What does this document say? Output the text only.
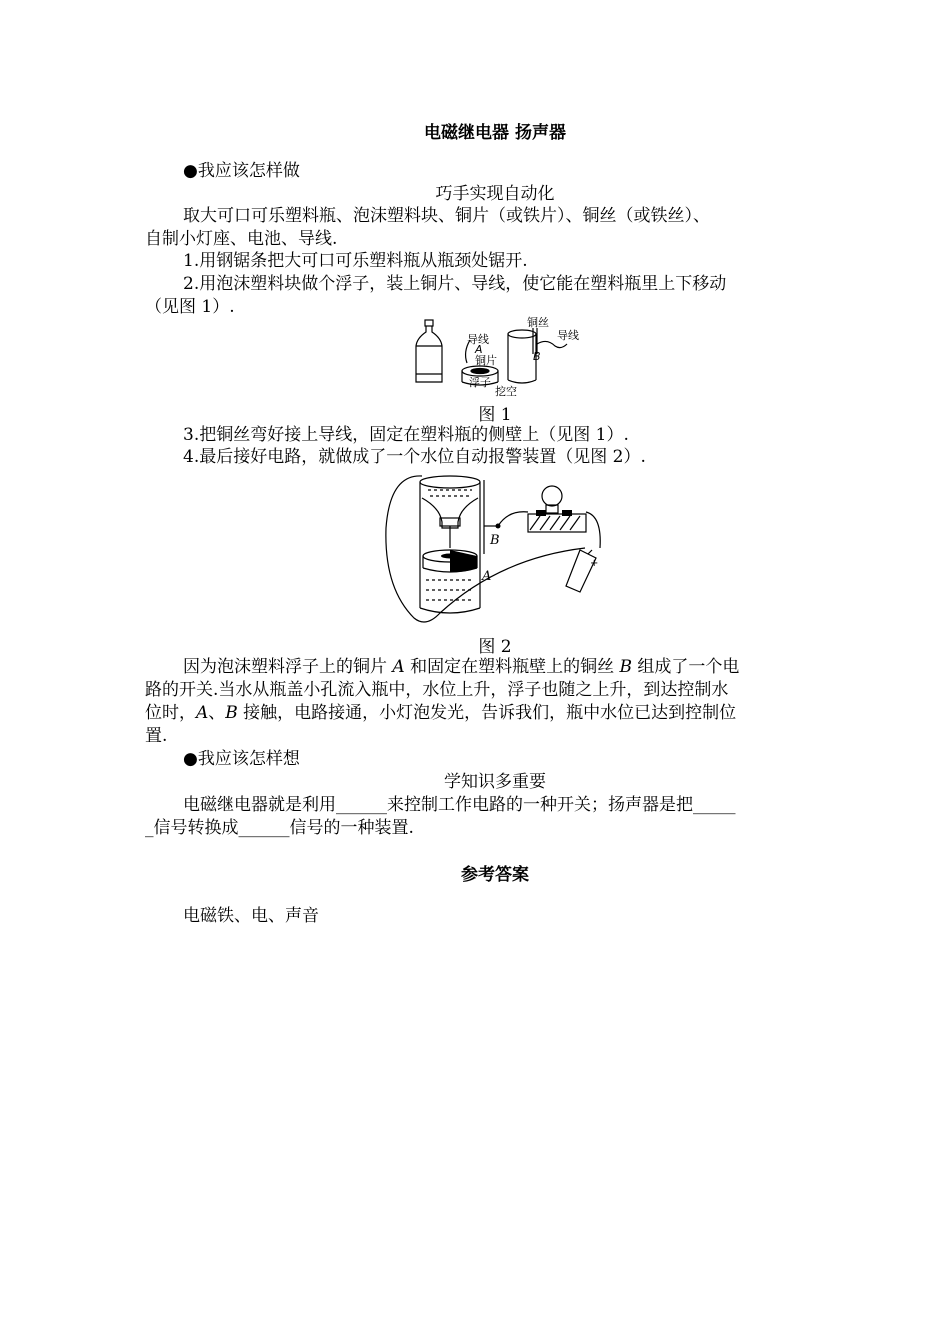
电磁继电器 扬声器
●我应该怎样做
巧手实现自动化
取大可口可乐塑料瓶、泡沫塑料块、铜片（或铁片）、铜丝（或铁丝）、
自制小灯座、电池、导线.
1.用钢锯条把大可口可乐塑料瓶从瓶颈处锯开.
2.用泡沫塑料块做个浮子，装上铜片、导线，使它能在塑料瓶里上下移动
（见图 1）.
导线
A
铜片
浮子
挖空
铜丝
B
导线
图 1
3.把铜丝弯好接上导线，固定在塑料瓶的侧壁上（见图 1）.
4.最后接好电路，就做成了一个水位自动报警装置（见图 2）.
B
A
+
图 2
因为泡沫塑料浮子上的铜片 A 和固定在塑料瓶壁上的铜丝 B 组成了一个电
路的开关.当水从瓶盖小孔流入瓶中，水位上升，浮子也随之上升，到达控制水
位时，A、B 接触，电路接通，小灯泡发光，告诉我们，瓶中水位已达到控制位
置.
●我应该怎样想
学知识多重要
电磁继电器就是利用______来控制工作电路的一种开关；扬声器是把_____
_信号转换成______信号的一种装置.
参考答案
电磁铁、电、声音
